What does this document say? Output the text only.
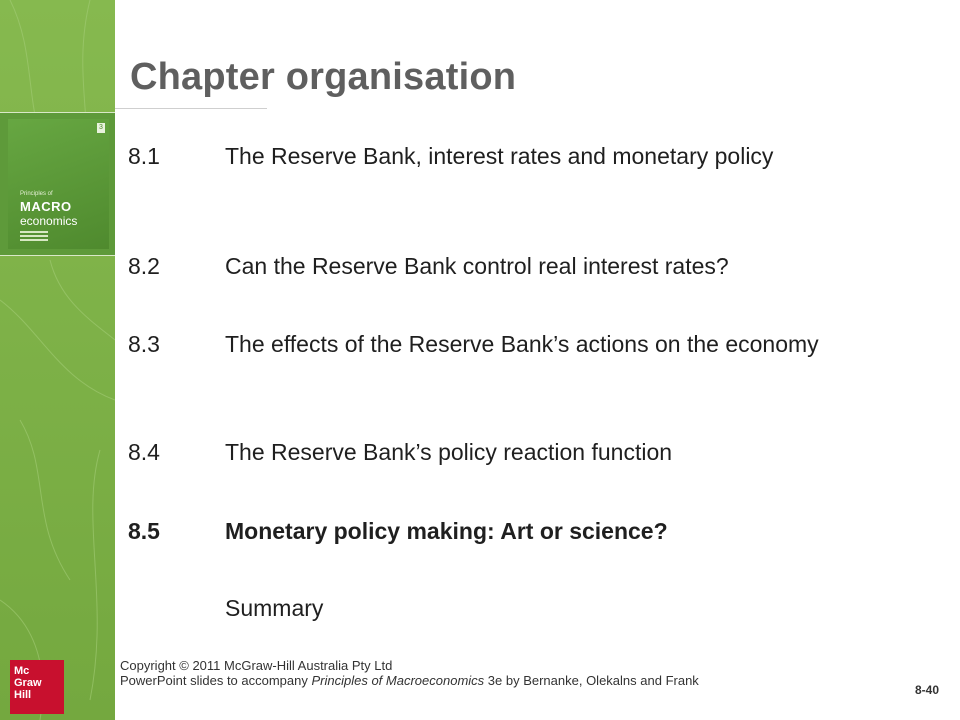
3
Principles of
MACRO
economics
Chapter organisation
8.1	The Reserve Bank, interest rates and monetary policy
8.2	Can the Reserve Bank control real interest rates?
8.3	The effects of the Reserve Bank’s actions on the economy
8.4	The Reserve Bank’s policy reaction function
8.5	Monetary policy making: Art or science?
Summary
Mc
Graw
Hill
Copyright © 2011 McGraw-Hill Australia Pty Ltd
PowerPoint slides to accompany Principles of Macroeconomics 3e by Bernanke, Olekalns and Frank
8-40
